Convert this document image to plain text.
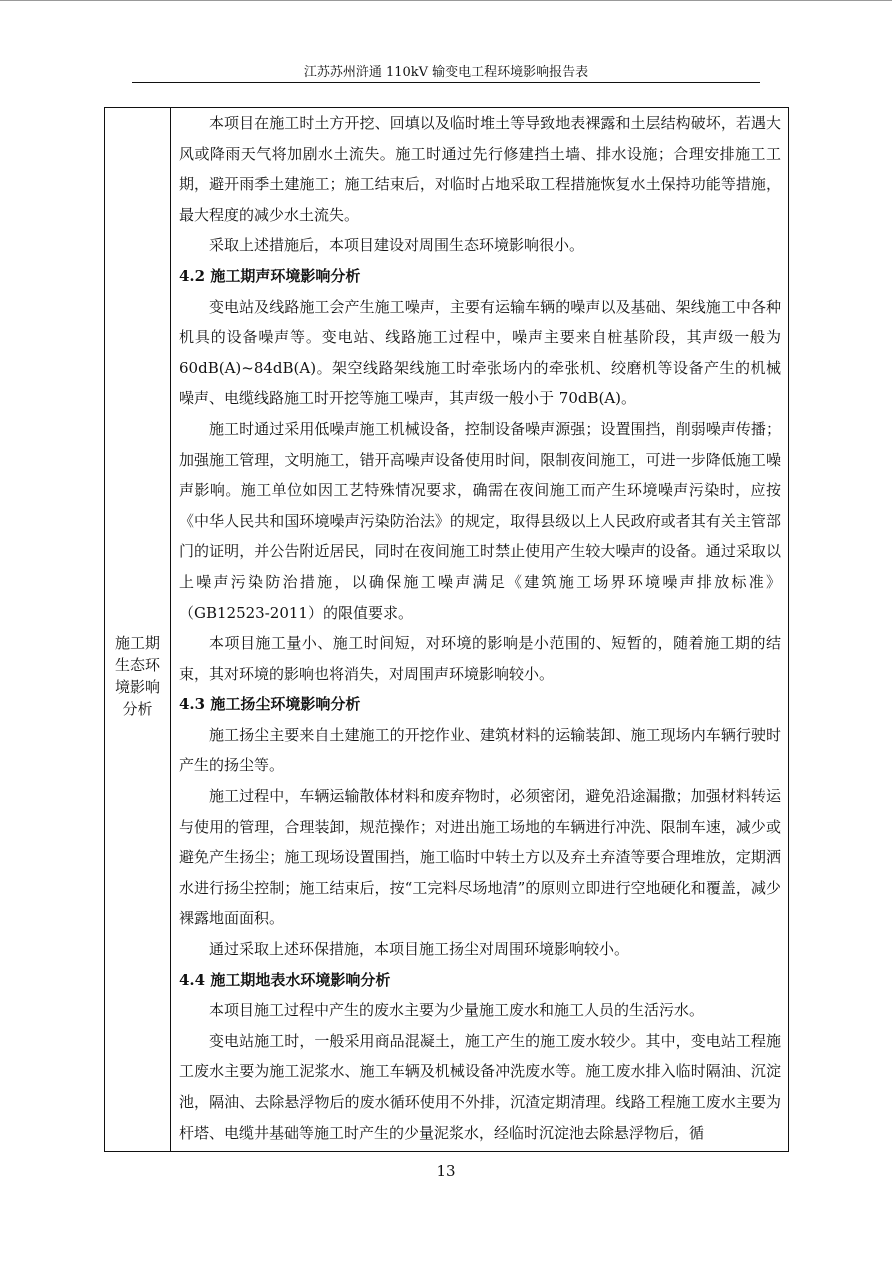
江苏苏州浒通 110kV 输变电工程环境影响报告表
施工期
生态环
境影响
分析

本项目在施工时土方开挖、回填以及临时堆土等导致地表裸露和土层结构破坏，若遇大风或降雨天气将加剧水土流失。施工时通过先行修建挡土墙、排水设施；合理安排施工工期，避开雨季土建施工；施工结束后，对临时占地采取工程措施恢复水土保持功能等措施，最大程度的减少水土流失。

采取上述措施后，本项目建设对周围生态环境影响很小。

4.2 施工期声环境影响分析

变电站及线路施工会产生施工噪声，主要有运输车辆的噪声以及基础、架线施工中各种机具的设备噪声等。变电站、线路施工过程中，噪声主要来自桩基阶段，其声级一般为 60dB(A)~84dB(A)。架空线路架线施工时牵张场内的牵张机、绞磨机等设备产生的机械噪声、电缆线路施工时开挖等施工噪声，其声级一般小于 70dB(A)。

施工时通过采用低噪声施工机械设备，控制设备噪声源强；设置围挡，削弱噪声传播；加强施工管理，文明施工，错开高噪声设备使用时间，限制夜间施工，可进一步降低施工噪声影响。施工单位如因工艺特殊情况要求，确需在夜间施工而产生环境噪声污染时，应按《中华人民共和国环境噪声污染防治法》的规定，取得县级以上人民政府或者其有关主管部门的证明，并公告附近居民，同时在夜间施工时禁止使用产生较大噪声的设备。通过采取以上噪声污染防治措施，以确保施工噪声满足《建筑施工场界环境噪声排放标准》（GB12523-2011）的限值要求。

本项目施工量小、施工时间短，对环境的影响是小范围的、短暂的，随着施工期的结束，其对环境的影响也将消失，对周围声环境影响较小。

4.3 施工扬尘环境影响分析

施工扬尘主要来自土建施工的开挖作业、建筑材料的运输装卸、施工现场内车辆行驶时产生的扬尘等。

施工过程中，车辆运输散体材料和废弃物时，必须密闭，避免沿途漏撒；加强材料转运与使用的管理，合理装卸，规范操作；对进出施工场地的车辆进行冲洗、限制车速，减少或避免产生扬尘；施工现场设置围挡，施工临时中转土方以及弃土弃渣等要合理堆放，定期洒水进行扬尘控制；施工结束后，按“工完料尽场地清”的原则立即进行空地硬化和覆盖，减少裸露地面面积。

通过采取上述环保措施，本项目施工扬尘对周围环境影响较小。

4.4 施工期地表水环境影响分析

本项目施工过程中产生的废水主要为少量施工废水和施工人员的生活污水。

变电站施工时，一般采用商品混凝土，施工产生的施工废水较少。其中，变电站工程施工废水主要为施工泥浆水、施工车辆及机械设备冲洗废水等。施工废水排入临时隔油、沉淀池，隔油、去除悬浮物后的废水循环使用不外排，沉渣定期清理。线路工程施工废水主要为杆塔、电缆井基础等施工时产生的少量泥浆水，经临时沉淀池去除悬浮物后，循

13
